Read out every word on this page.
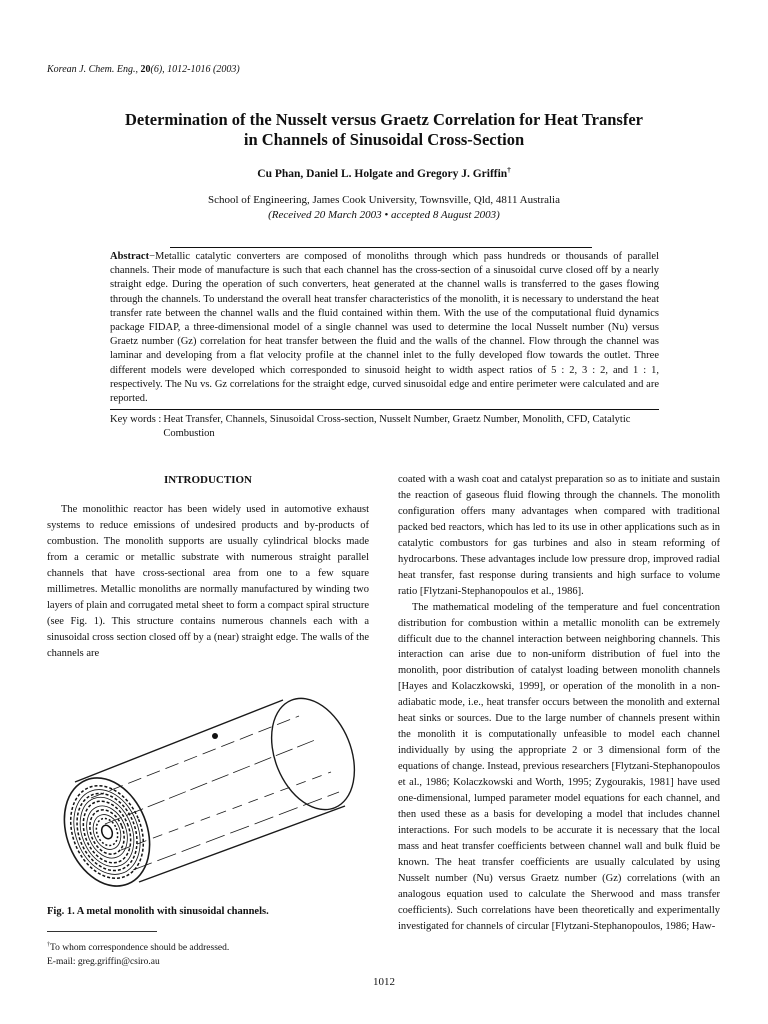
Korean J. Chem. Eng., 20(6), 1012-1016 (2003)
Determination of the Nusselt versus Graetz Correlation for Heat Transfer
in Channels of Sinusoidal Cross-Section
Cu Phan, Daniel L. Holgate and Gregory J. Griffin†
School of Engineering, James Cook University, Townsville, Qld, 4811 Australia
(Received 20 March 2003 • accepted 8 August 2003)
Abstract−Metallic catalytic converters are composed of monoliths through which pass hundreds or thousands of parallel channels. Their mode of manufacture is such that each channel has the cross-section of a sinusoidal curve closed off by a nearly straight edge. During the operation of such converters, heat generated at the channel walls is transferred to the gases flowing through the channels. To understand the overall heat transfer characteristics of the monolith, it is necessary to understand the heat transfer rate between the channel walls and the fluid contained within them. With the use of the computational fluid dynamics package FIDAP, a three-dimensional model of a single channel was used to determine the local Nusselt number (Nu) versus Graetz number (Gz) correlation for heat transfer between the fluid and the walls of the channel. Flow through the channel was laminar and developing from a flat velocity profile at the channel inlet to the fully developed flow towards the outlet. Three different models were developed which corresponded to sinusoid height to width aspect ratios of 5 : 2, 3 : 2, and 1 : 1, respectively. The Nu vs. Gz correlations for the straight edge, curved sinusoidal edge and entire perimeter were calculated and are reported.
Key words : Heat Transfer, Channels, Sinusoidal Cross-section, Nusselt Number, Graetz Number, Monolith, CFD, Catalytic Combustion
INTRODUCTION

The monolithic reactor has been widely used in automotive exhaust systems to reduce emissions of undesired products and by-products of combustion. The monolith supports are usually cylindrical blocks made from a ceramic or metallic substrate with numerous straight parallel channels that have cross-sectional area from one to a few square millimetres. Metallic monoliths are normally manufactured by winding two layers of plain and corrugated metal sheet to form a compact spiral structure (see Fig. 1). This structure contains numerous channels each with a sinusoidal cross section closed off by a (near) straight edge. The walls of the channels are

Fig. 1. A metal monolith with sinusoidal channels.
†To whom correspondence should be addressed.
E-mail: greg.griffin@csiro.au

coated with a wash coat and catalyst preparation so as to initiate and sustain the reaction of gaseous fluid flowing through the channels. The monolith configuration offers many advantages when compared with traditional packed bed reactors, which has led to its use in other applications such as in catalytic combustors for gas turbines and also in steam reforming of hydrocarbons. These advantages include low pressure drop, improved radial heat transfer, fast response during transients and high surface to volume ratio [Flytzani-Stephanopoulos et al., 1986].

The mathematical modeling of the temperature and fuel concentration distribution for combustion within a metallic monolith can be extremely difficult due to the channel interaction between neighboring channels. This interaction can arise due to non-uniform distribution of fuel into the monolith, poor distribution of catalyst loading between monolith channels [Hayes and Kolaczkowski, 1999], or operation of the monolith in a non-adiabatic mode, i.e., heat transfer occurs between the monolith and external heat sinks or sources. Due to the large number of channels present within the monolith it is computationally unfeasible to model each channel individually by using the appropriate 2 or 3 dimensional form of the equations of change. Instead, previous researchers [Flytzani-Stephanopoulos et al., 1986; Kolaczkowski and Worth, 1995; Zygourakis, 1981] have used one-dimensional, lumped parameter model equations for each channel, and then used these as a basis for developing a model that includes channel interactions. For such models to be accurate it is necessary that the local mass and heat transfer coefficients between channel wall and bulk fluid be known. The heat transfer coefficients are usually calculated by using Nusselt number (Nu) versus Graetz number (Gz) correlations (with an analogous equation used to calculate the Sherwood and mass transfer coefficients). Such correlations have been theoretically and experimentally investigated for channels of circular [Flytzani-Stephanopoulos, 1986; Haw-

1012
